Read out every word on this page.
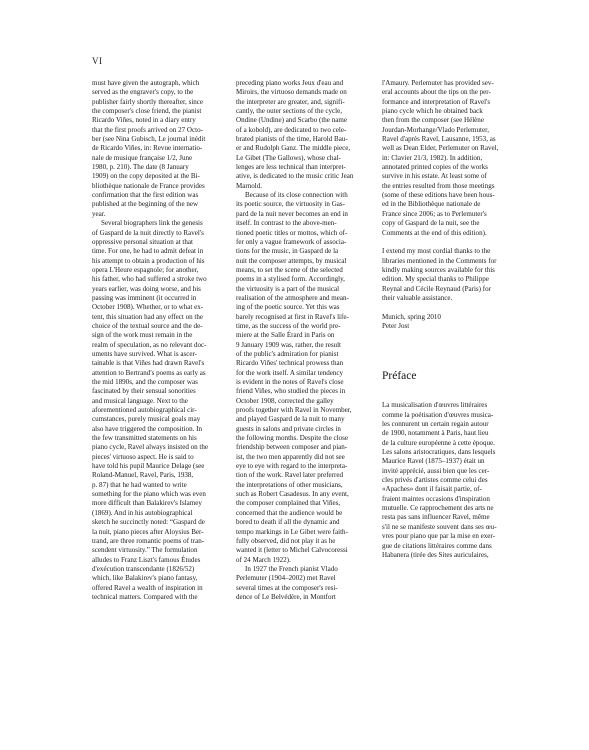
VI
must have given the autograph, which
served as the engraver's copy, to the
publisher fairly shortly thereafter, since
the composer's close friend, the pianist
Ricardo Viñes, noted in a diary entry
that the first proofs arrived on 27 Octo-
ber (see Nina Gubisch, Le journal inédit
de Ricardo Viñes, in: Revue internatio-
nale de musique française 1/2, June
1980, p. 210). The date (8 January
1909) on the copy deposited at the Bi-
bliothèque nationale de France provides
confirmation that the first edition was
published at the beginning of the new
year.
Several biographers link the genesis
of Gaspard de la nuit directly to Ravel's
oppressive personal situation at that
time. For one, he had to admit defeat in
his attempt to obtain a production of his
opera L'Heure espagnole; for another,
his father, who had suffered a stroke two
years earlier, was doing worse, and his
passing was imminent (it occurred in
October 1908). Whether, or to what ex-
tent, this situation had any effect on the
choice of the textual source and the de-
sign of the work must remain in the
realm of speculation, as no relevant doc-
uments have survived. What is ascer-
tainable is that Viñes had drawn Ravel's
attention to Bertrand's poems as early as
the mid 1890s, and the composer was
fascinated by their sensual sonorities
and musical language. Next to the
aforementioned autobiographical cir-
cumstances, purely musical goals may
also have triggered the composition. In
the few transmitted statements on his
piano cycle, Ravel always insisted on the
pieces' virtuoso aspect. He is said to
have told his pupil Maurice Delage (see
Roland-Manuel, Ravel, Paris, 1938,
p. 87) that he had wanted to write
something for the piano which was even
more difficult than Balakirev's Islamey
(1869). And in his autobiographical
sketch he succinctly noted: “Gaspard de
la nuit, piano pieces after Aloysius Ber-
trand, are three romantic poems of tran-
scendent virtuosity.” The formulation
alludes to Franz Liszt's famous Études
d'exécution transcendante (1826/52)
which, like Balakirev's piano fantasy,
offered Ravel a wealth of inspiration in
technical matters. Compared with the
preceding piano works Jeux d'eau and
Miroirs, the virtuoso demands made on
the interpreter are greater, and, signifi-
cantly, the outer sections of the cycle,
Ondine (Undine) and Scarbo (the name
of a kobold), are dedicated to two cele-
brated pianists of the time, Harold Bau-
er and Rudolph Ganz. The middle piece,
Le Gibet (The Gallows), whose chal-
lenges are less technical than interpret-
ative, is dedicated to the music critic Jean
Marnold.
Because of its close connection with
its poetic source, the virtuosity in Gas-
pard de la nuit never becomes an end in
itself. In contrast to the above-men-
tioned poetic titles or mottos, which of-
fer only a vague framework of associa-
tions for the music, in Gaspard de la
nuit the composer attempts, by musical
means, to set the scene of the selected
poems in a stylised form. Accordingly,
the virtuosity is a part of the musical
realisation of the atmosphere and mean-
ing of the poetic source. Yet this was
barely recognised at first in Ravel's life-
time, as the success of the world pre-
miere at the Salle Érard in Paris on
9 January 1909 was, rather, the result
of the public's admiration for pianist
Ricardo Viñes' technical prowess than
for the work itself. A similar tendency
is evident in the notes of Ravel's close
friend Viñes, who studied the pieces in
October 1908, corrected the galley
proofs together with Ravel in November,
and played Gaspard de la nuit to many
guests in salons and private circles in
the following months. Despite the close
friendship between composer and pian-
ist, the two men apparently did not see
eye to eye with regard to the interpreta-
tion of the work. Ravel later preferred
the interpretations of other musicians,
such as Robert Casadesus. In any event,
the composer complained that Viñes,
concerned that the audience would be
bored to death if all the dynamic and
tempo markings in Le Gibet were faith-
fully observed, did not play it as he
wanted it (letter to Michel Calvocoressi
of 24 March 1922).
In 1927 the French pianist Vlado
Perlemuter (1904–2002) met Ravel
several times at the composer's resi-
dence of Le Belvédère, in Montfort
l'Amaury. Perlemuter has provided sev-
eral accounts about the tips on the per-
formance and interpretation of Ravel's
piano cycle which he obtained back
then from the composer (see Hélène
Jourdan-Morhange/Vlado Perlemuter,
Ravel d'après Ravel, Lausanne, 1953, as
well as Dean Elder, Perlemuter on Ravel,
in: Clavier 21/3, 1982). In addition,
annotated printed copies of the works
survive in his estate. At least some of
the entries resulted from those meetings
(some of these editions have been hous-
ed in the Bibliothèque nationale de
France since 2006; as to Perlemuter's
copy of Gaspard de la nuit, see the
Comments at the end of this edition).
I extend my most cordial thanks to the
libraries mentioned in the Comments for
kindly making sources available for this
edition. My special thanks to Philippe
Reynal and Cécile Reynaud (Paris) for
their valuable assistance.
Munich, spring 2010
Peter Jost
Préface
La musicalisation d'œuvres littéraires
comme la poétisation d'œuvres musica-
les connurent un certain regain autour
de 1900, notamment à Paris, haut lieu
de la culture européenne à cette époque.
Les salons aristocratiques, dans lesquels
Maurice Ravel (1875–1937) était un
invité apprécié, aussi bien que les cer-
cles privés d'artistes comme celui des
«Apaches» dont il faisait partie, of-
fraient maintes occasions d'inspiration
mutuelle. Ce rapprochement des arts ne
resta pas sans influencer Ravel, même
s'il ne se manifeste souvent dans ses œu-
vres pour piano que par la mise en exer-
gue de citations littéraires comme dans
Habanera (tirée des Sites auriculaires,
